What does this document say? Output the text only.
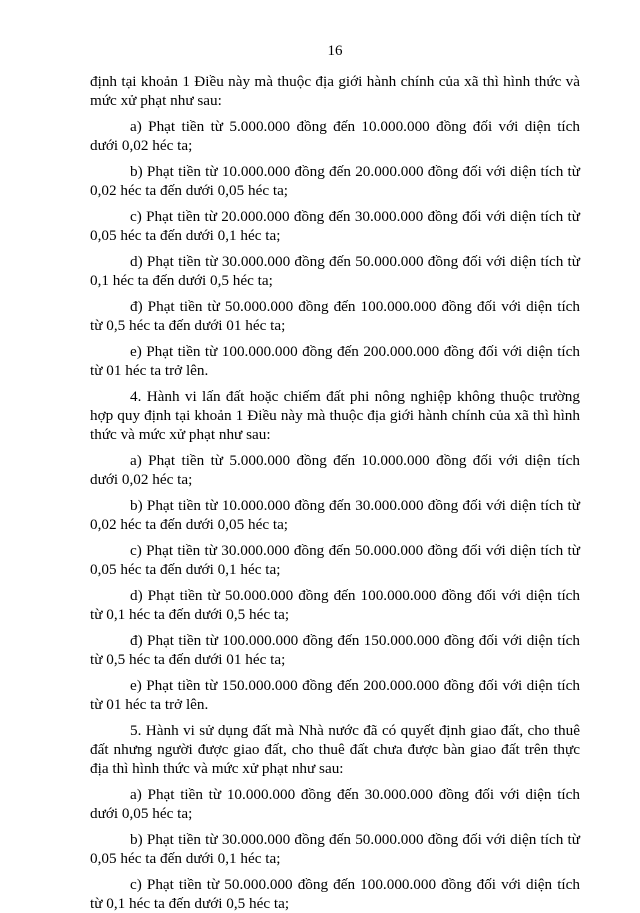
16

định tại khoản 1 Điều này mà thuộc địa giới hành chính của xã thì hình thức và mức xử phạt như sau:

a) Phạt tiền từ 5.000.000 đồng đến 10.000.000 đồng đối với diện tích dưới 0,02 héc ta;

b) Phạt tiền từ 10.000.000 đồng đến 20.000.000 đồng đối với diện tích từ 0,02 héc ta đến dưới 0,05 héc ta;

c) Phạt tiền từ 20.000.000 đồng đến 30.000.000 đồng đối với diện tích từ 0,05 héc ta đến dưới 0,1 héc ta;

d) Phạt tiền từ 30.000.000 đồng đến 50.000.000 đồng đối với diện tích từ 0,1 héc ta đến dưới 0,5 héc ta;

đ) Phạt tiền từ 50.000.000 đồng đến 100.000.000 đồng đối với diện tích từ 0,5 héc ta đến dưới 01 héc ta;

e) Phạt tiền từ 100.000.000 đồng đến 200.000.000 đồng đối với diện tích từ 01 héc ta trở lên.

4. Hành vi lấn đất hoặc chiếm đất phi nông nghiệp không thuộc trường hợp quy định tại khoản 1 Điều này mà thuộc địa giới hành chính của xã thì hình thức và mức xử phạt như sau:

a) Phạt tiền từ 5.000.000 đồng đến 10.000.000 đồng đối với diện tích dưới 0,02 héc ta;

b) Phạt tiền từ 10.000.000 đồng đến 30.000.000 đồng đối với diện tích từ 0,02 héc ta đến dưới 0,05 héc ta;

c) Phạt tiền từ 30.000.000 đồng đến 50.000.000 đồng đối với diện tích từ 0,05 héc ta đến dưới 0,1 héc ta;

d) Phạt tiền từ 50.000.000 đồng đến 100.000.000 đồng đối với diện tích từ 0,1 héc ta đến dưới 0,5 héc ta;

đ) Phạt tiền từ 100.000.000 đồng đến 150.000.000 đồng đối với diện tích từ 0,5 héc ta đến dưới 01 héc ta;

e) Phạt tiền từ 150.000.000 đồng đến 200.000.000 đồng đối với diện tích từ 01 héc ta trở lên.

5. Hành vi sử dụng đất mà Nhà nước đã có quyết định giao đất, cho thuê đất nhưng người được giao đất, cho thuê đất chưa được bàn giao đất trên thực địa thì hình thức và mức xử phạt như sau:

a) Phạt tiền từ 10.000.000 đồng đến 30.000.000 đồng đối với diện tích dưới 0,05 héc ta;

b) Phạt tiền từ 30.000.000 đồng đến 50.000.000 đồng đối với diện tích từ 0,05 héc ta đến dưới 0,1 héc ta;

c) Phạt tiền từ 50.000.000 đồng đến 100.000.000 đồng đối với diện tích từ 0,1 héc ta đến dưới 0,5 héc ta;
